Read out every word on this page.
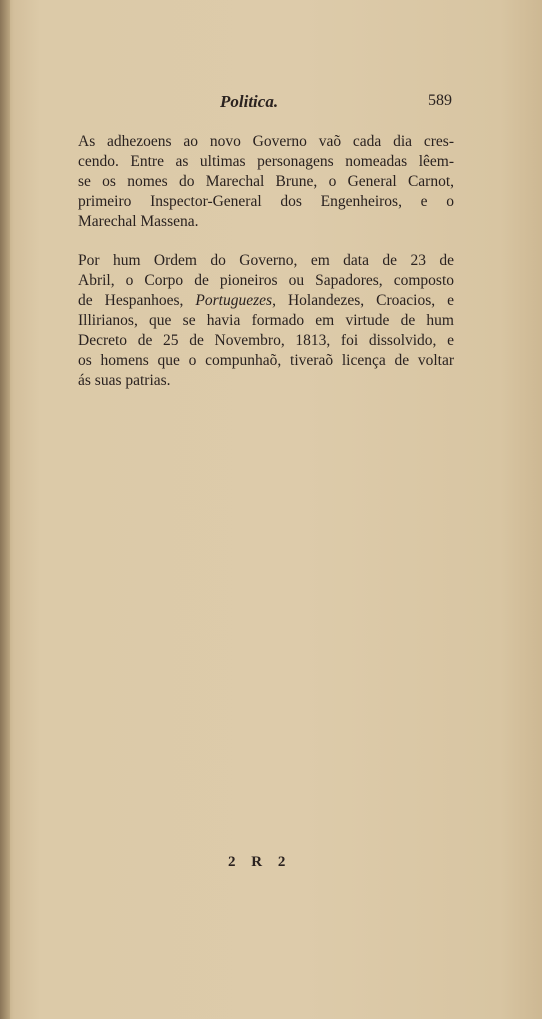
Politica.	589

As adhezoens ao novo Governo vaõ cada dia cres-
cendo. Entre as ultimas personagens nomeadas lêem-
se os nomes do Marechal Brune, o General Carnot,
primeiro Inspector-General dos Engenheiros, e o
Marechal Massena.

Por hum Ordem do Governo, em data de 23 de
Abril, o Corpo de pioneiros ou Sapadores, composto
de Hespanhoes, Portuguezes, Holandezes, Croacios, e
Illirianos, que se havia formado em virtude de hum
Decreto de 25 de Novembro, 1813, foi dissolvido, e
os homens que o compunhaõ, tiveraõ licença de voltar
ás suas patrias.

2 R 2
